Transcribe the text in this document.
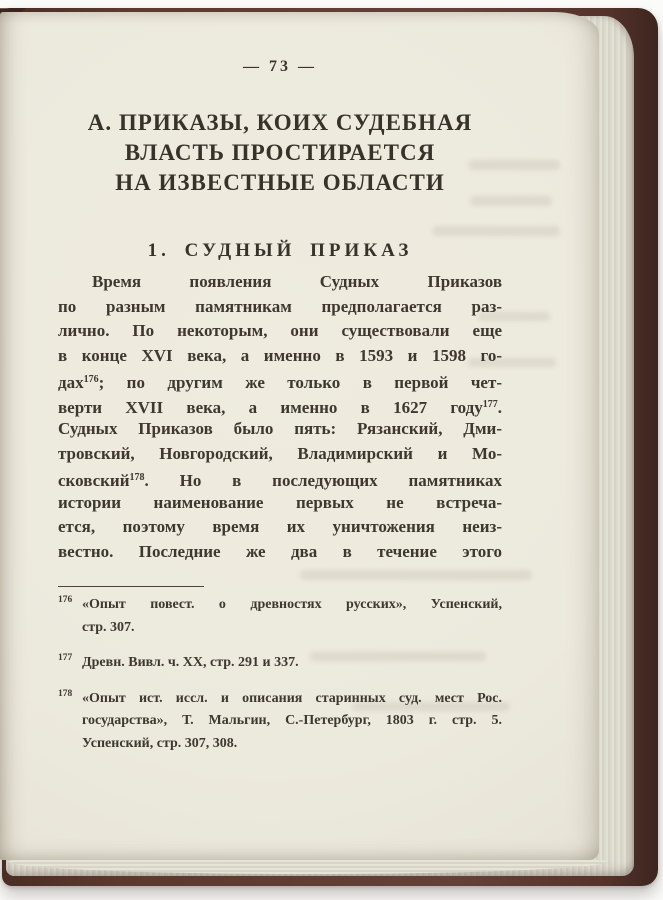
— 73 —
А. ПРИКАЗЫ, КОИХ СУДЕБНАЯ
ВЛАСТЬ ПРОСТИРАЕТСЯ
НА ИЗВЕСТНЫЕ ОБЛАСТИ
1. СУДНЫЙ ПРИКАЗ
Время появления Судных Приказов
по разным памятникам предполагается раз-
лично. По некоторым, они существовали еще
в конце XVI века, а именно в 1593 и 1598 го-
дах$^{176}$; по другим же только в первой чет-
верти XVII века, а именно в 1627 году$^{177}$.
Судных Приказов было пять: Рязанский, Дми-
тровский, Новгородский, Владимирский и Мо-
сковский$^{178}$. Но в последующих памятниках
истории наименование первых не встреча-
ется, поэтому время их уничтожения неиз-
вестно. Последние же два в течение этого
176 «Опыт повест. о древностях русских», Успенский,
стр. 307.
177 Древн. Вивл. ч. XX, стр. 291 и 337.
178 «Опыт ист. иссл. и описания старинных суд. мест Рос.
государства», Т. Мальгин, С.-Петербург, 1803 г. стр. 5.
Успенский, стр. 307, 308.
